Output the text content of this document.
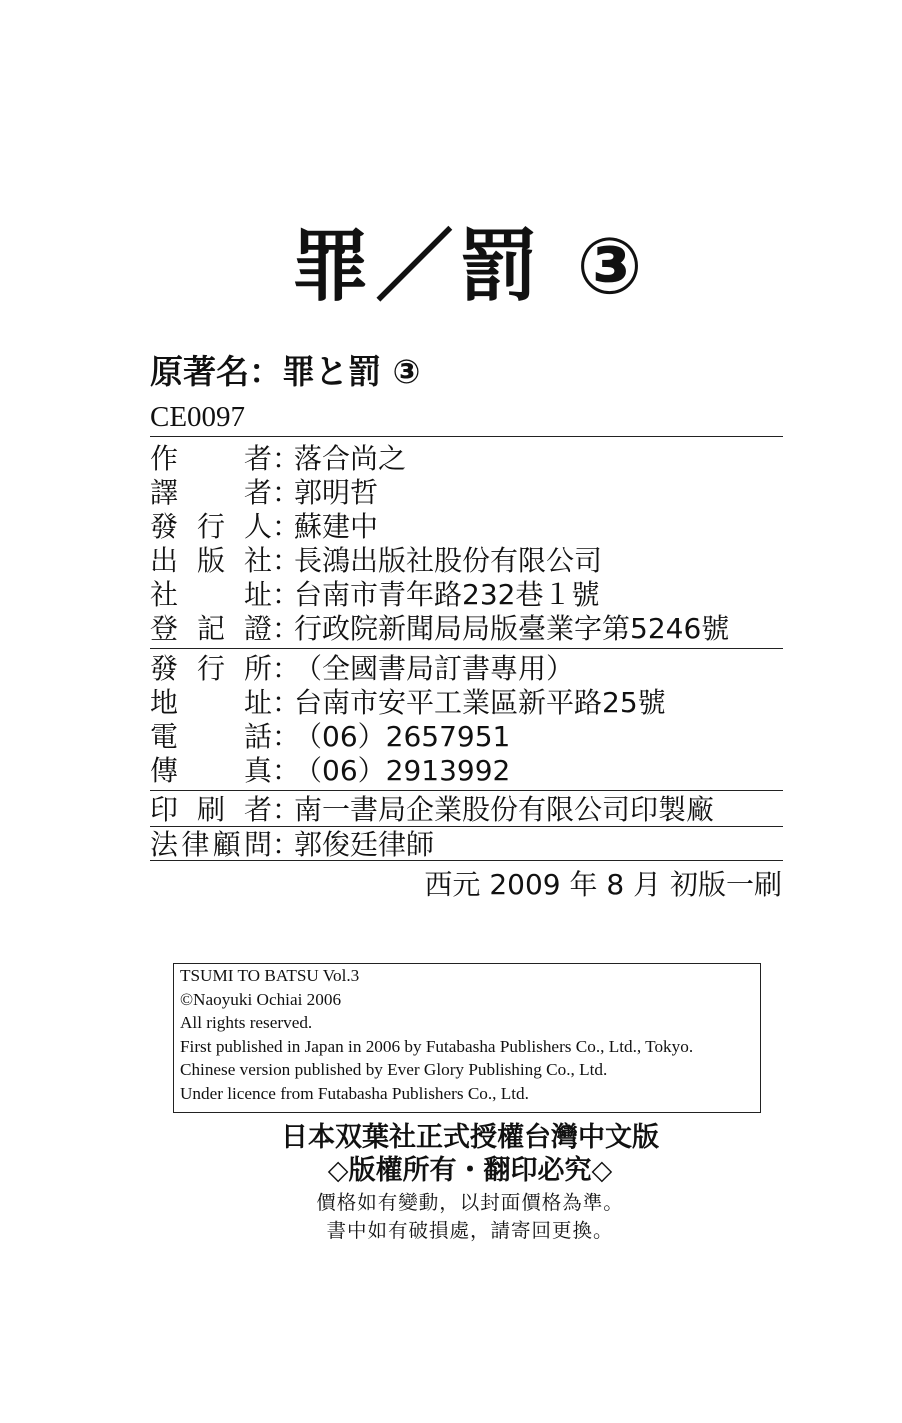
罪／罰 ③
原著名：罪と罰 ③
CE0097
作 者 ：
落合尚之
譯 者 ：
郭明哲
發 行 人 ：
蘇建中
出 版 社 ：
長鴻出版社股份有限公司
社 址 ：
台南市青年路232巷１號
登 記 證 ：
行政院新聞局局版臺業字第5246號
發 行 所 ：
（全國書局訂書專用）
地 址 ：
台南市安平工業區新平路25號
電 話 ：
（06）2657951
傳 真 ：
（06）2913992
印 刷 者 ：
南一書局企業股份有限公司印製廠
法 律 顧 問 ：
郭俊廷律師
西元 2009 年 8 月 初版一刷
TSUMI TO BATSU Vol.3
©Naoyuki Ochiai 2006
All rights reserved.
First published in Japan in 2006 by Futabasha Publishers Co., Ltd., Tokyo.
Chinese version published by Ever Glory Publishing Co., Ltd.
Under licence from Futabasha Publishers Co., Ltd.
日本双葉社正式授權台灣中文版
◇版權所有・翻印必究◇
價格如有變動，以封面價格為準。
書中如有破損處，請寄回更換。
